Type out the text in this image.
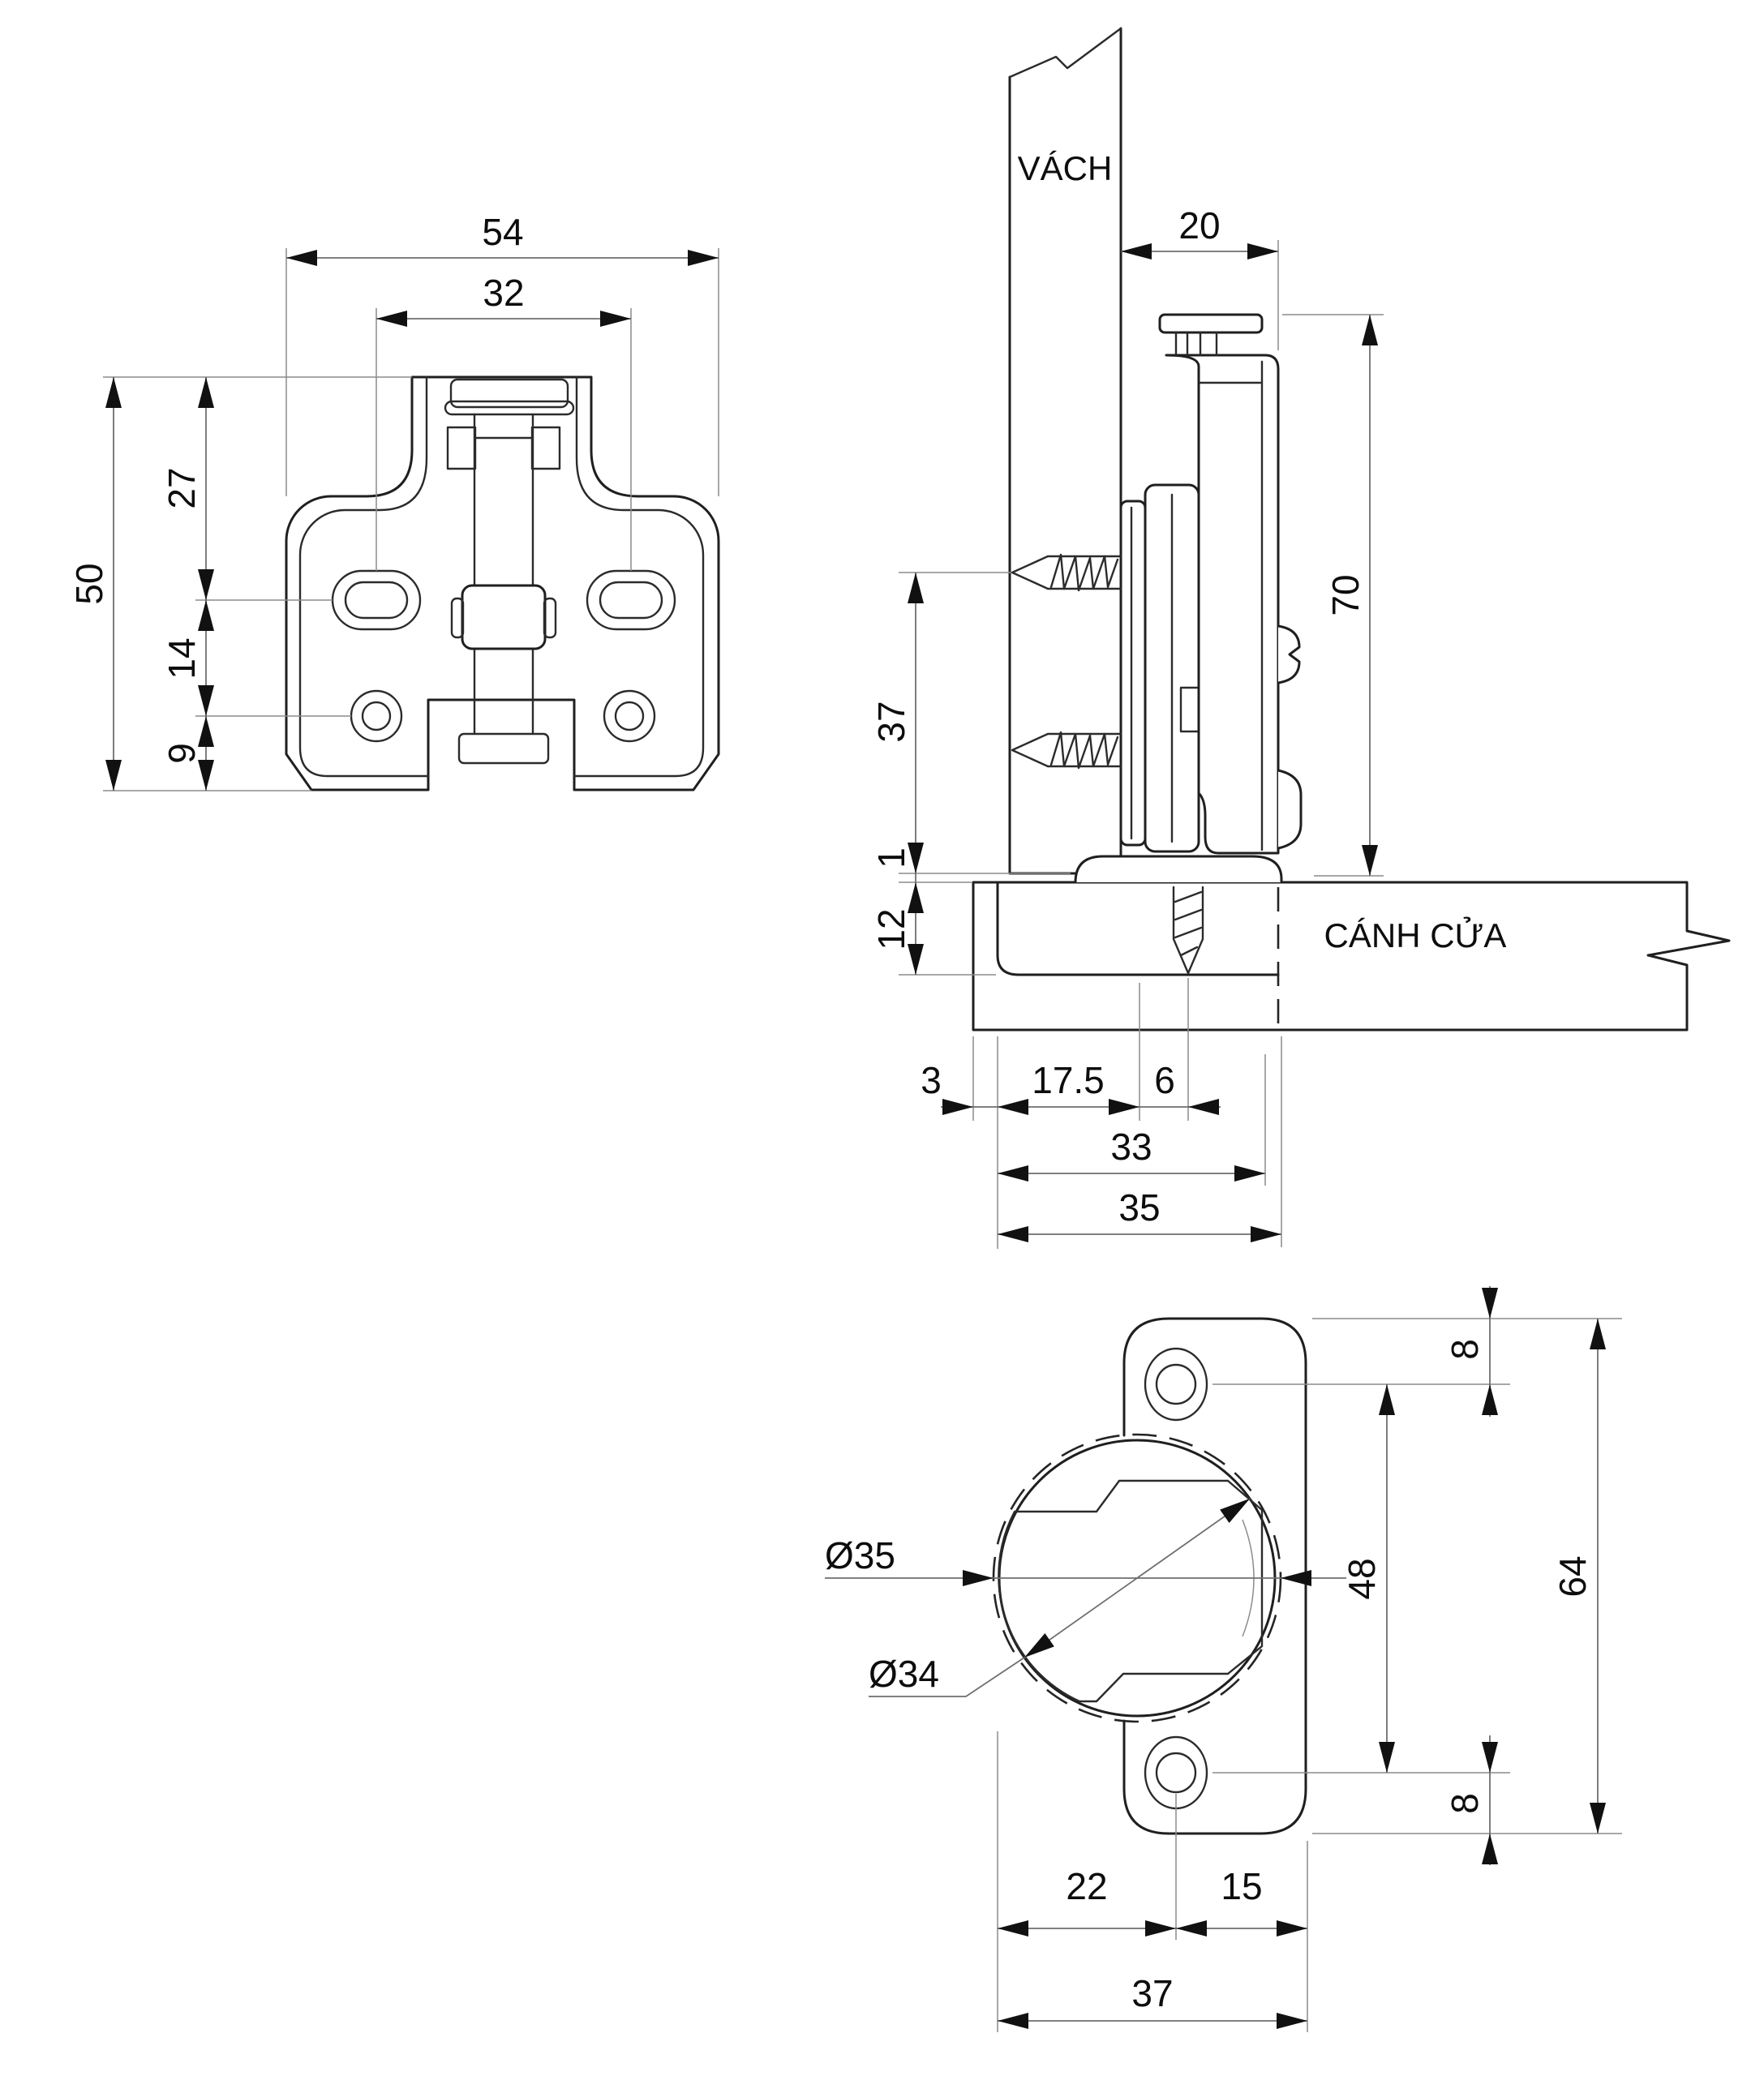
54
32
50
27
14
9
VÁCH
CÁNH CỬA
20
70
37
1
12
3 17.5 6
33
35
Ø35
Ø34
8
48	64
8
22	15
37
